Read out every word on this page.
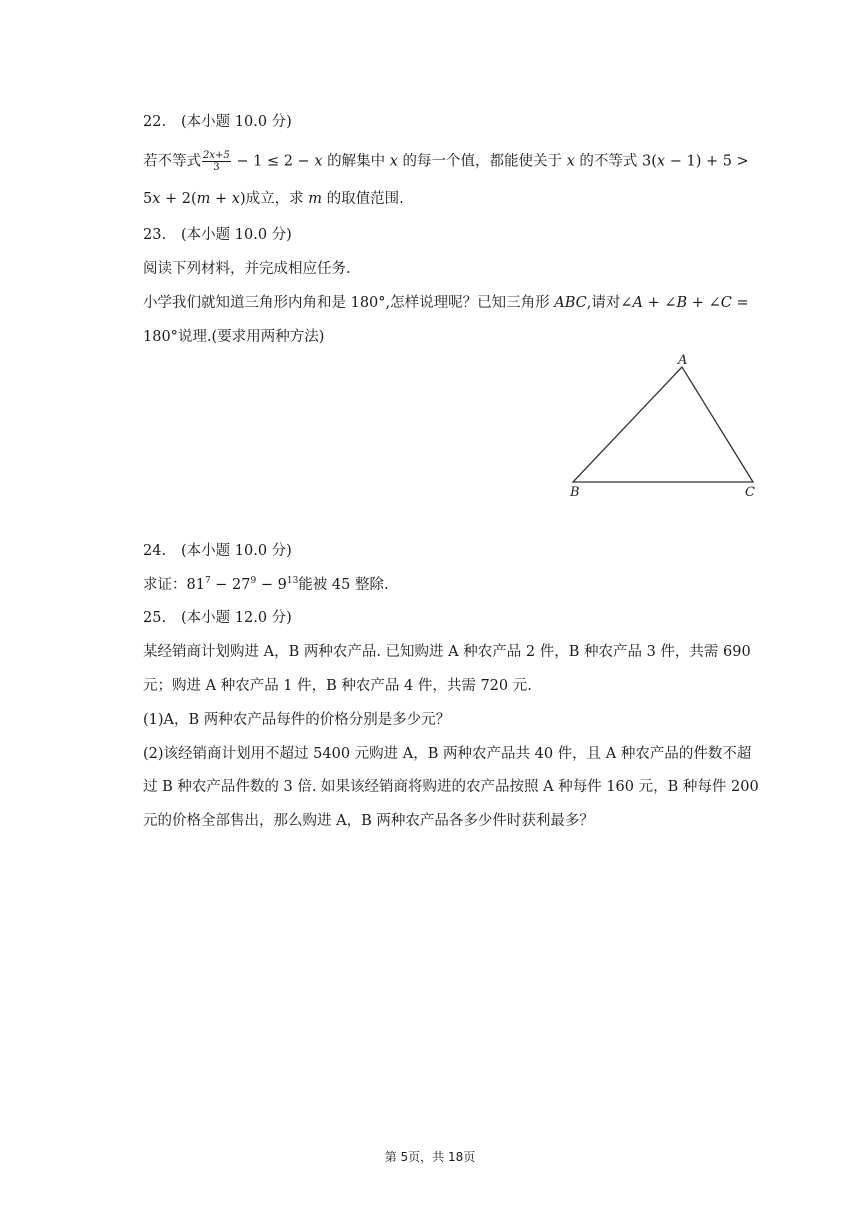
22. (本小题 10.0 分)
若不等式 $\frac{2x+5}{3} - 1 \le 2 - x$ 的解集中 x 的每一个值，都能使关于 x 的不等式 3(x − 1) + 5 >
5x + 2(m + x)成立，求 m 的取值范围.
23. (本小题 10.0 分)
阅读下列材料，并完成相应任务.
小学我们就知道三角形内角和是 180°,怎样说理呢？已知三角形 ABC,请对∠A + ∠B + ∠C =
180°说理.(要求用两种方法)
A
B	C
24. (本小题 10.0 分)
求证：$81^7 - 27^9 - 9^{13}$能被 45 整除.
25. (本小题 12.0 分)
某经销商计划购进 A，B 两种农产品. 已知购进 A 种农产品 2 件，B 种农产品 3 件，共需 690
元；购进 A 种农产品 1 件，B 种农产品 4 件，共需 720 元.
(1)A，B 两种农产品每件的价格分别是多少元？
(2)该经销商计划用不超过 5400 元购进 A，B 两种农产品共 40 件，且 A 种农产品的件数不超
过 B 种农产品件数的 3 倍. 如果该经销商将购进的农产品按照 A 种每件 160 元，B 种每件 200
元的价格全部售出，那么购进 A，B 两种农产品各多少件时获利最多？
第 5页，共 18页
